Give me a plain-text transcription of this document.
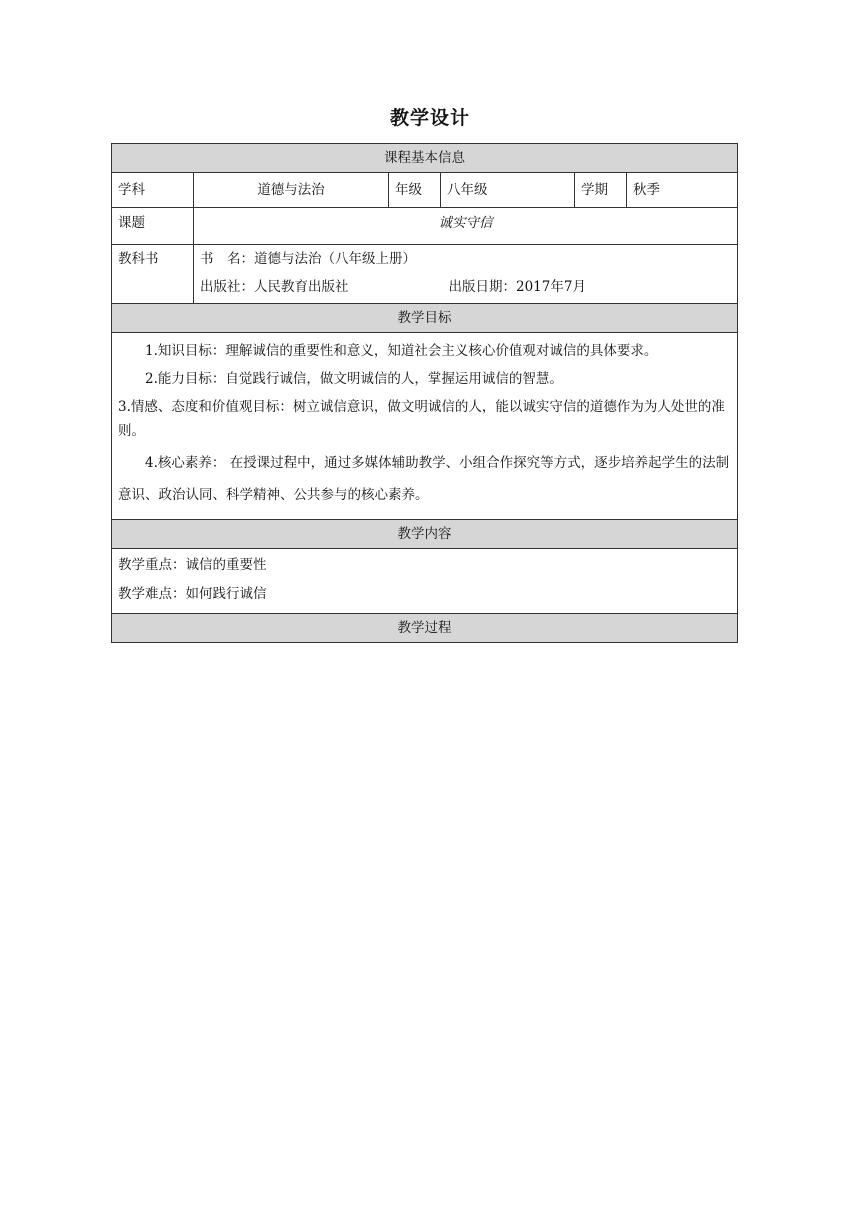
教学设计
课程基本信息					
学科	道德与法治	年级	八年级	学期	秋季
课题	诚实守信				
教科书	书　名：道德与法治（八年级上册）
出版社：人民教育出版社 出版日期：2017年7月				

教学目标					

1.知识目标：理解诚信的重要性和意义，知道社会主义核心价值观对诚信的具体要求。

2.能力目标：自觉践行诚信，做文明诚信的人，掌握运用诚信的智慧。

3.情感、态度和价值观目标：树立诚信意识，做文明诚信的人，能以诚实守信的道德作为为人处世的准则。

4.核心素养： 在授课过程中，通过多媒体辅助教学、小组合作探究等方式，逐步培养起学生的法制意识、政治认同、科学精神、公共参与的核心素养。					

教学内容					

教学重点：诚信的重要性

教学难点：如何践行诚信					

教学过程					
